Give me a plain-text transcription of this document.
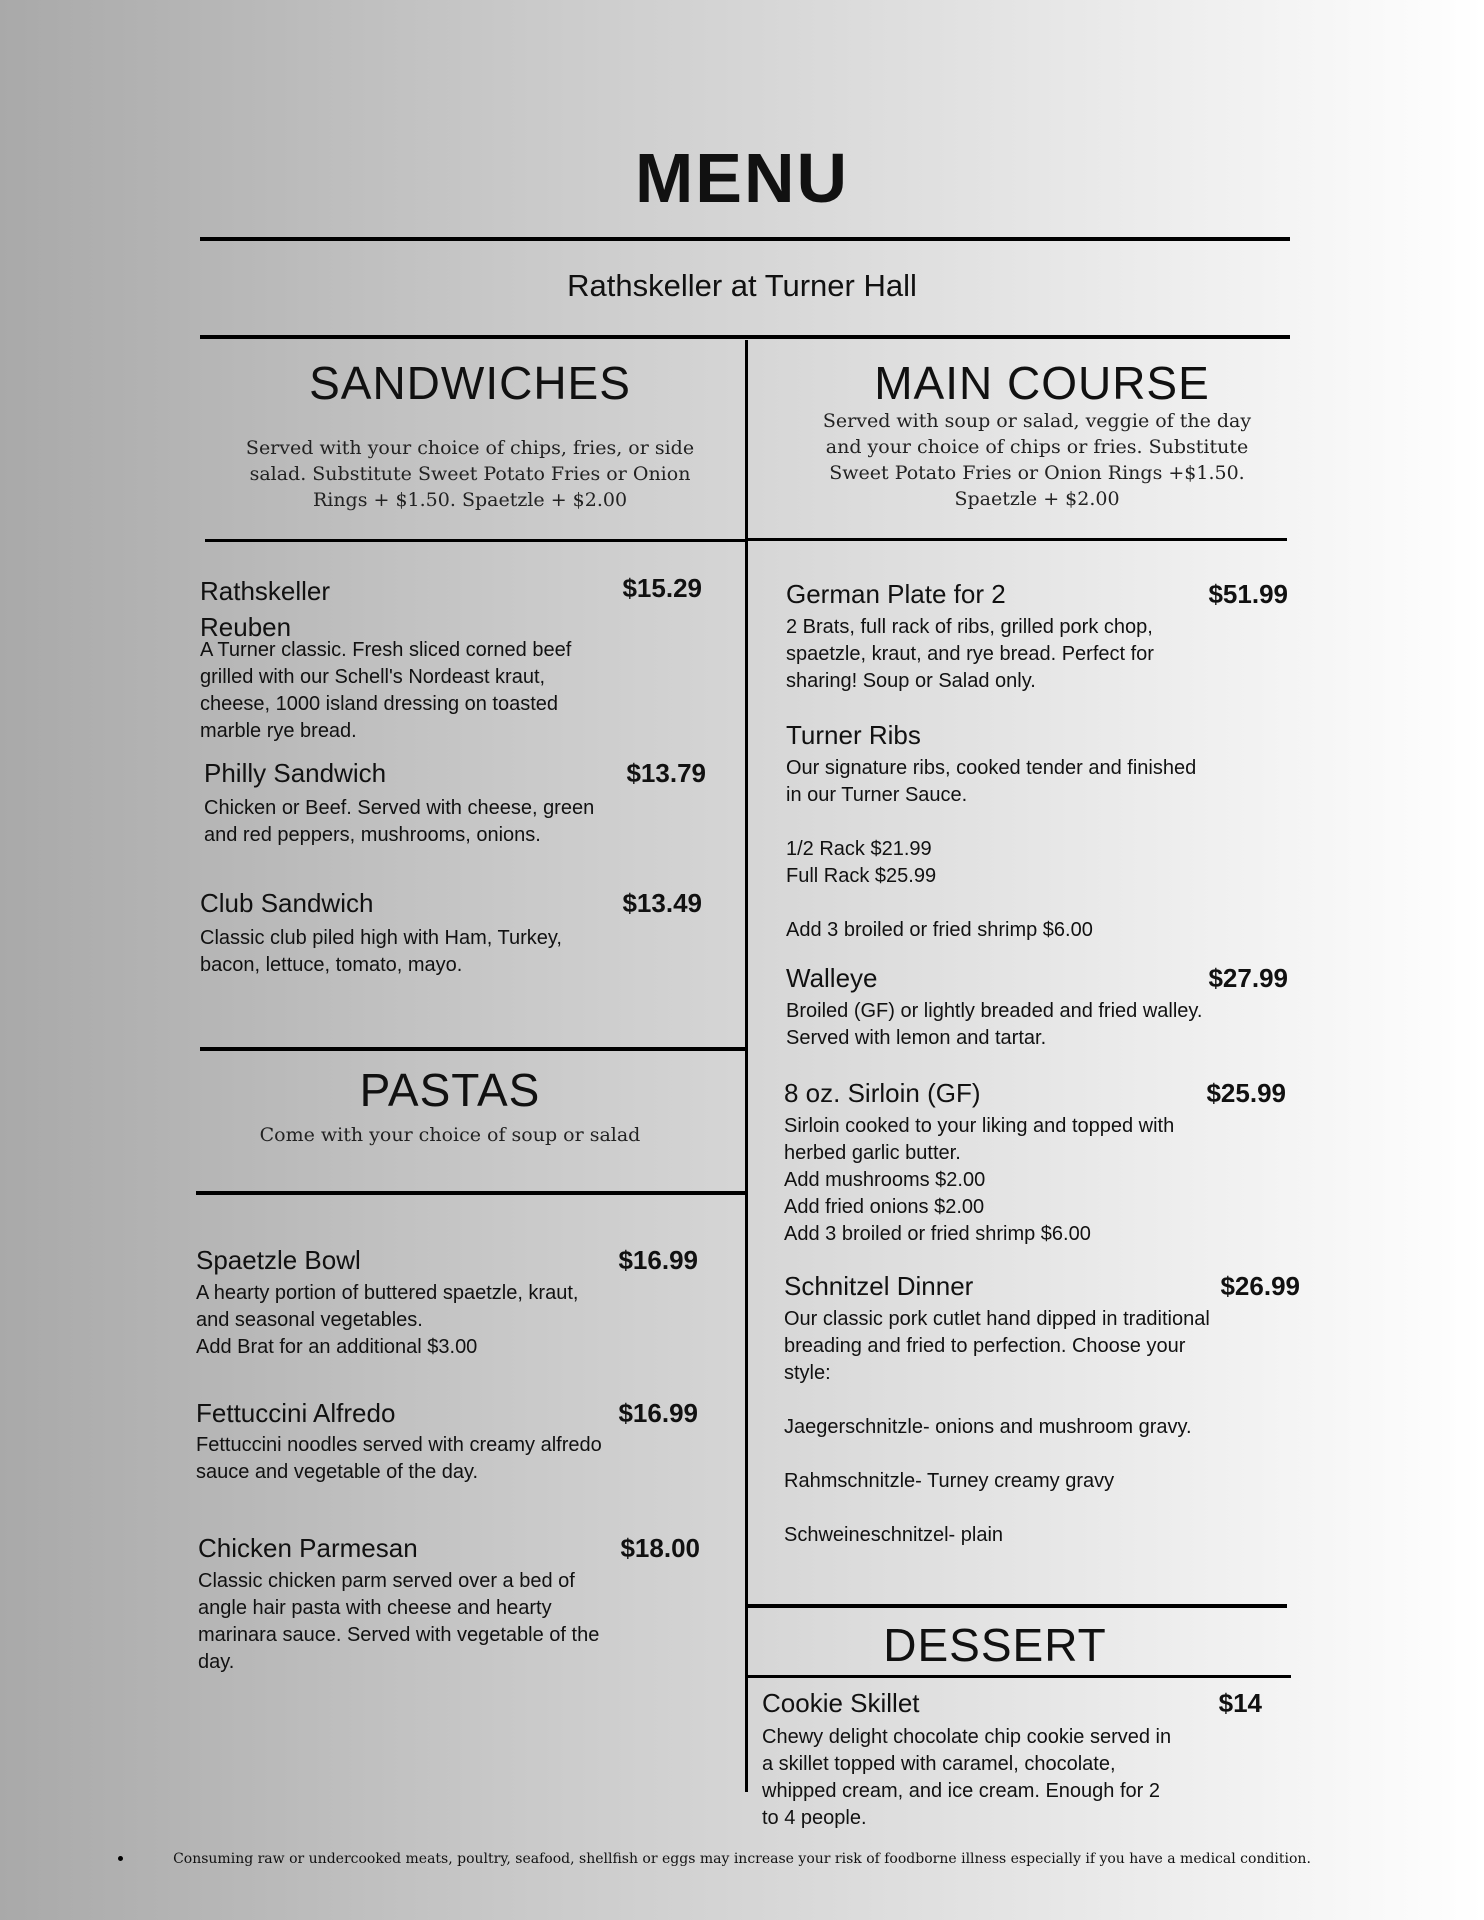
MENU
Rathskeller at Turner Hall
SANDWICHES
Served with your choice of chips, fries, or side salad. Substitute Sweet Potato Fries or Onion Rings + $1.50. Spaetzle + $2.00
Rathskeller Reuben
$15.29
A Turner classic. Fresh sliced corned beef grilled with our Schell's Nordeast kraut, cheese, 1000 island dressing on toasted marble rye bread.
Philly Sandwich	$13.79
Chicken or Beef. Served with cheese, green and red peppers, mushrooms, onions.
Club Sandwich	$13.49
Classic club piled high with Ham, Turkey, bacon, lettuce, tomato, mayo.
PASTAS
Come with your choice of soup or salad
Spaetzle Bowl	$16.99
A hearty portion of buttered spaetzle, kraut, and seasonal vegetables.
Add Brat for an additional $3.00
Fettuccini Alfredo	$16.99
Fettuccini noodles served with creamy alfredo sauce and vegetable of the day.
Chicken Parmesan	$18.00
Classic chicken parm served over a bed of angle hair pasta with cheese and hearty marinara sauce. Served with vegetable of the day.
MAIN COURSE
Served with soup or salad, veggie of the day and your choice of chips or fries. Substitute Sweet Potato Fries or Onion Rings +$1.50. Spaetzle + $2.00
German Plate for 2	$51.99
2 Brats, full rack of ribs, grilled pork chop, spaetzle, kraut, and rye bread. Perfect for sharing! Soup or Salad only.
Turner Ribs
Our signature ribs, cooked tender and finished in our Turner Sauce.

1/2 Rack $21.99
Full Rack $25.99

Add 3 broiled or fried shrimp $6.00
Walleye	$27.99
Broiled (GF) or lightly breaded and fried walley. Served with lemon and tartar.
8 oz. Sirloin (GF)	$25.99
Sirloin cooked to your liking and topped with herbed garlic butter.
Add mushrooms $2.00
Add fried onions $2.00
Add 3 broiled or fried shrimp $6.00
Schnitzel Dinner	$26.99
Our classic pork cutlet hand dipped in traditional breading and fried to perfection. Choose your style:

Jaegerschnitzle- onions and mushroom gravy.

Rahmschnitzle- Turney creamy gravy

Schweineschnitzel- plain
DESSERT
Cookie Skillet	$14
Chewy delight chocolate chip cookie served in a skillet topped with caramel, chocolate, whipped cream, and ice cream. Enough for 2 to 4 people.
Consuming raw or undercooked meats, poultry, seafood, shellfish or eggs may increase your risk of foodborne illness especially if you have a medical condition.
